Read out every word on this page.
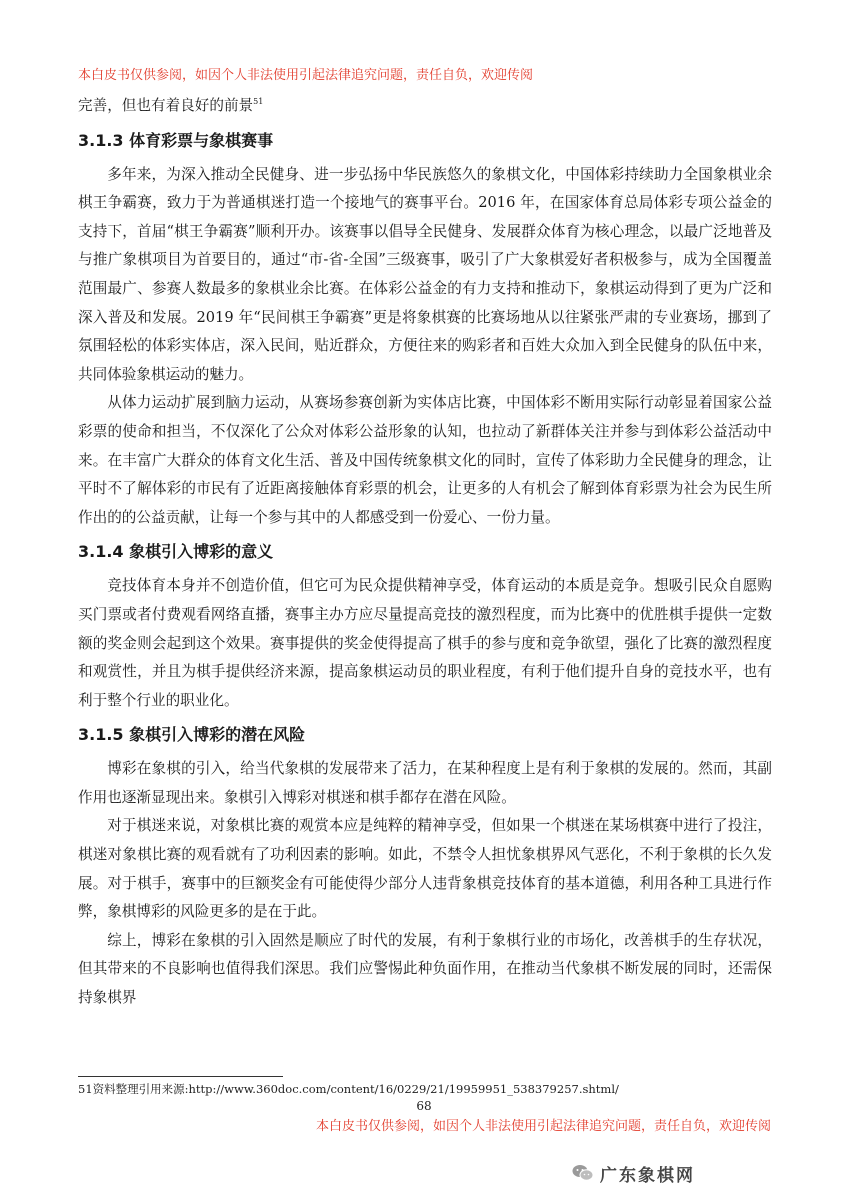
本白皮书仅供参阅，如因个人非法使用引起法律追究问题，责任自负，欢迎传阅

完善，但也有着良好的前景$^{51}$

3.1.3 体育彩票与象棋赛事

多年来，为深入推动全民健身、进一步弘扬中华民族悠久的象棋文化，中国体彩持续助力全国象棋业余棋王争霸赛，致力于为普通棋迷打造一个接地气的赛事平台。2016 年，在国家体育总局体彩专项公益金的支持下，首届“棋王争霸赛”顺利开办。该赛事以倡导全民健身、发展群众体育为核心理念，以最广泛地普及与推广象棋项目为首要目的，通过“市-省-全国”三级赛事，吸引了广大象棋爱好者积极参与，成为全国覆盖范围最广、参赛人数最多的象棋业余比赛。在体彩公益金的有力支持和推动下，象棋运动得到了更为广泛和深入普及和发展。2019 年“民间棋王争霸赛”更是将象棋赛的比赛场地从以往紧张严肃的专业赛场，挪到了氛围轻松的体彩实体店，深入民间，贴近群众，方便往来的购彩者和百姓大众加入到全民健身的队伍中来，共同体验象棋运动的魅力。

从体力运动扩展到脑力运动，从赛场参赛创新为实体店比赛，中国体彩不断用实际行动彰显着国家公益彩票的使命和担当，不仅深化了公众对体彩公益形象的认知，也拉动了新群体关注并参与到体彩公益活动中来。在丰富广大群众的体育文化生活、普及中国传统象棋文化的同时，宣传了体彩助力全民健身的理念，让平时不了解体彩的市民有了近距离接触体育彩票的机会，让更多的人有机会了解到体育彩票为社会为民生所作出的的公益贡献，让每一个参与其中的人都感受到一份爱心、一份力量。

3.1.4 象棋引入博彩的意义

竞技体育本身并不创造价值，但它可为民众提供精神享受，体育运动的本质是竞争。想吸引民众自愿购买门票或者付费观看网络直播，赛事主办方应尽量提高竞技的激烈程度，而为比赛中的优胜棋手提供一定数额的奖金则会起到这个效果。赛事提供的奖金使得提高了棋手的参与度和竞争欲望，强化了比赛的激烈程度和观赏性，并且为棋手提供经济来源，提高象棋运动员的职业程度，有利于他们提升自身的竞技水平，也有利于整个行业的职业化。

3.1.5 象棋引入博彩的潜在风险

博彩在象棋的引入，给当代象棋的发展带来了活力，在某种程度上是有利于象棋的发展的。然而，其副作用也逐渐显现出来。象棋引入博彩对棋迷和棋手都存在潜在风险。

对于棋迷来说，对象棋比赛的观赏本应是纯粹的精神享受，但如果一个棋迷在某场棋赛中进行了投注，棋迷对象棋比赛的观看就有了功利因素的影响。如此，不禁令人担忧象棋界风气恶化，不利于象棋的长久发展。对于棋手，赛事中的巨额奖金有可能使得少部分人违背象棋竞技体育的基本道德，利用各种工具进行作弊，象棋博彩的风险更多的是在于此。

综上，博彩在象棋的引入固然是顺应了时代的发展，有利于象棋行业的市场化，改善棋手的生存状况，但其带来的不良影响也值得我们深思。我们应警惕此种负面作用，在推动当代象棋不断发展的同时，还需保持象棋界

51资料整理引用来源:http://www.360doc.com/content/16/0229/21/19959951_538379257.shtml/
68
本白皮书仅供参阅，如因个人非法使用引起法律追究问题，责任自负，欢迎传阅
广东象棋网
